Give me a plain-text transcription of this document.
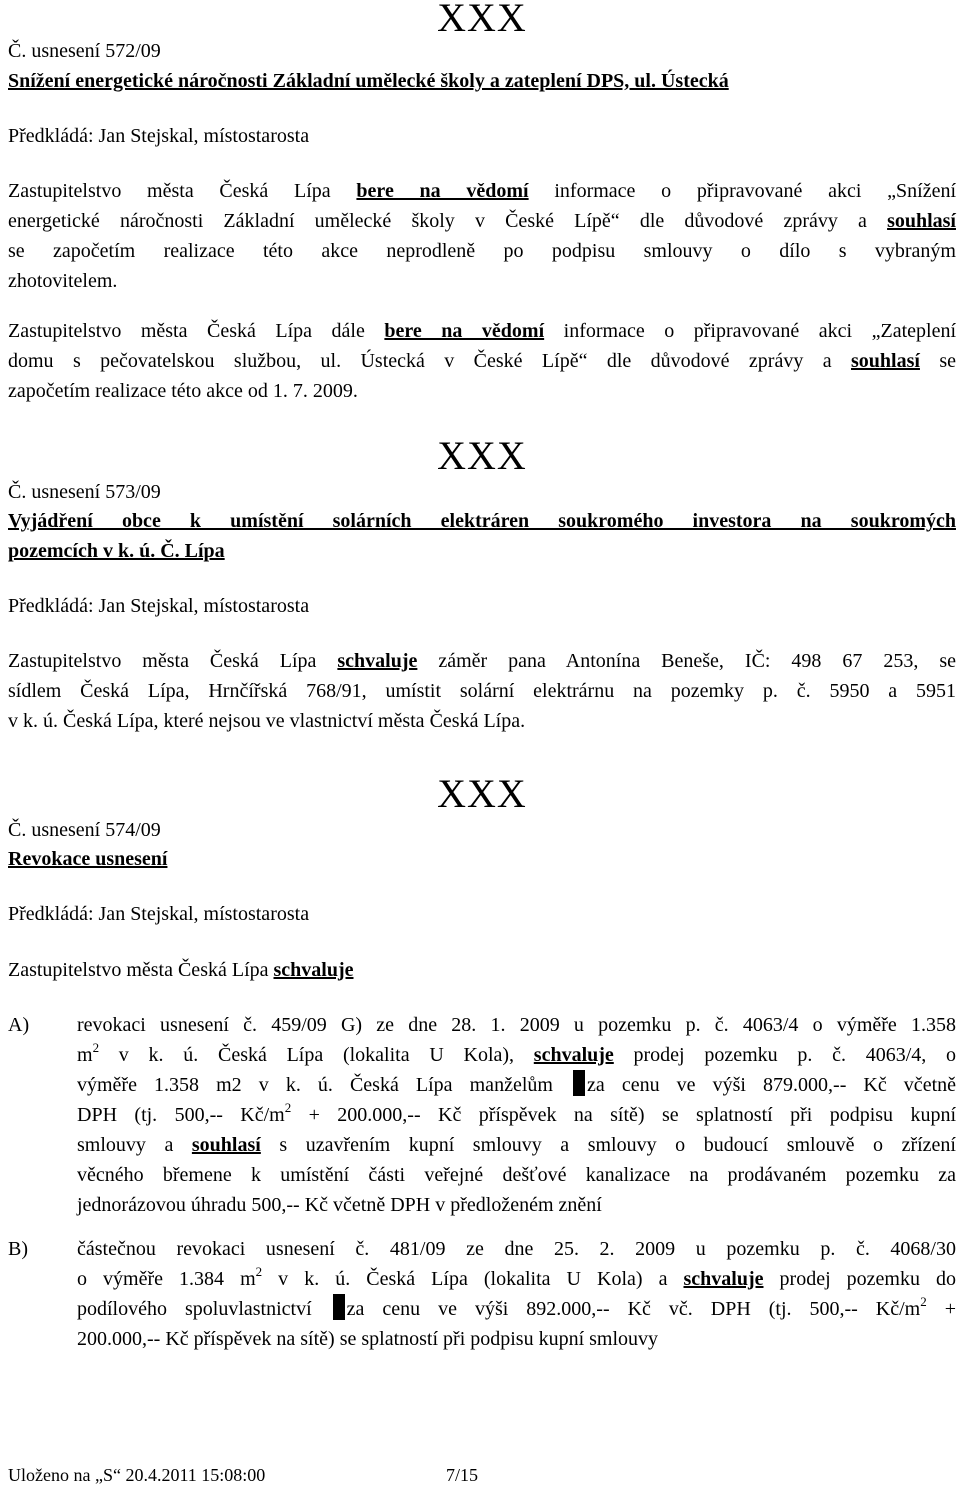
XXX
Č. usnesení 572/09
Snížení energetické náročnosti Základní umělecké školy a zateplení DPS, ul. Ústecká
Předkládá: Jan Stejskal, místostarosta
Zastupitelstvo města Česká Lípa bere na vědomí informace o připravované akci „Snížení
energetické náročnosti Základní umělecké školy v České Lípě“ dle důvodové zprávy a souhlasí
se započetím realizace této akce neprodleně po podpisu smlouvy o dílo s vybraným
zhotovitelem.
Zastupitelstvo města Česká Lípa dále bere na vědomí informace o připravované akci „Zateplení
domu s pečovatelskou službou, ul. Ústecká v České Lípě“ dle důvodové zprávy a souhlasí se
započetím realizace této akce od 1. 7. 2009.
XXX
Č. usnesení 573/09
Vyjádření obce k umístění solárních elektráren soukromého investora na soukromých
pozemcích v k. ú. Č. Lípa
Předkládá: Jan Stejskal, místostarosta
Zastupitelstvo města Česká Lípa schvaluje záměr pana Antonína Beneše, IČ: 498 67 253, se
sídlem Česká Lípa, Hrnčířská 768/91, umístit solární elektrárnu na pozemky p. č. 5950 a 5951
v k. ú. Česká Lípa, které nejsou ve vlastnictví města Česká Lípa.
XXX
Č. usnesení 574/09
Revokace usnesení
Předkládá: Jan Stejskal, místostarosta
Zastupitelstvo města Česká Lípa schvaluje
A) revokaci usnesení č. 459/09 G) ze dne 28. 1. 2009 u pozemku p. č. 4063/4 o výměře 1.358
$m^2$ v k. ú. Česká Lípa (lokalita U Kola), schvaluje prodej pozemku p. č. 4063/4, o
výměře 1.358 m2 v k. ú. Česká Lípa manželům za cenu ve výši 879.000,-- Kč včetně
DPH (tj. 500,-- $Kč/m^2 + 200.000,--$ Kč příspěvek na sítě) se splatností při podpisu kupní
smlouvy a souhlasí s uzavřením kupní smlouvy a smlouvy o budoucí smlouvě o zřízení
věcného břemene k umístění části veřejné dešťové kanalizace na prodávaném pozemku za
jednorázovou úhradu 500,-- Kč včetně DPH v předloženém znění
B) částečnou revokaci usnesení č. 481/09 ze dne 25. 2. 2009 u pozemku p. č. 4068/30
o výměře 1.384 $m^2$ v k. ú. Česká Lípa (lokalita U Kola) a schvaluje prodej pozemku do
podílového spoluvlastnictví za cenu ve výši 892.000,-- Kč vč. DPH (tj. 500,-- $Kč/m^2$ +
200.000,-- Kč příspěvek na sítě) se splatností při podpisu kupní smlouvy
Uloženo na „S“ 20.4.2011 15:08:00	7/15
